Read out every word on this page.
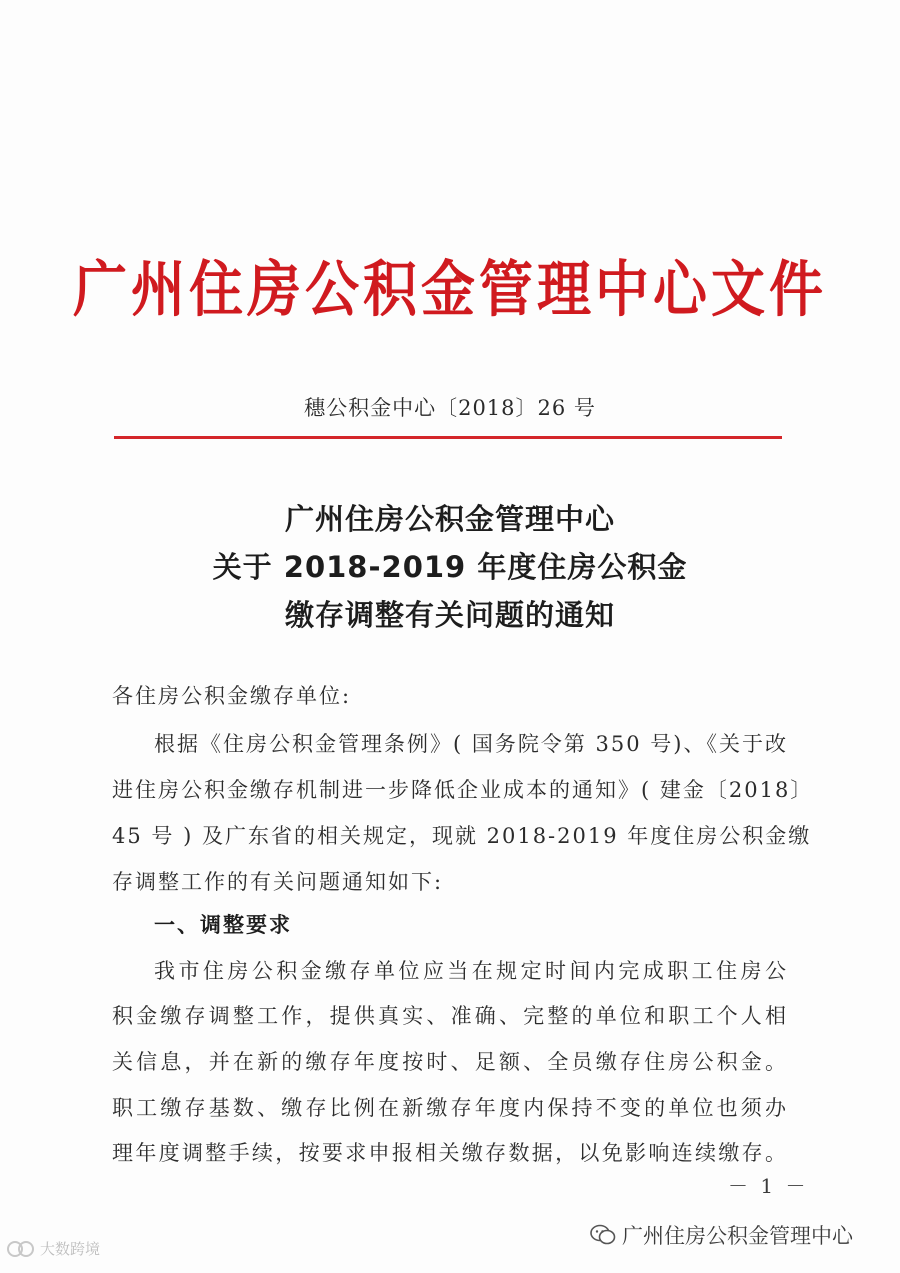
广州住房公积金管理中心文件
穗公积金中心〔2018〕26 号
广州住房公积金管理中心
关于 2018-2019 年度住房公积金
缴存调整有关问题的通知
各住房公积金缴存单位:
根据《住房公积金管理条例》( 国务院令第 350 号)、《关于改
进住房公积金缴存机制进一步降低企业成本的通知》( 建金〔2018〕
45 号 ) 及广东省的相关规定，现就 2018-2019 年度住房公积金缴
存调整工作的有关问题通知如下:
一、调整要求
我市住房公积金缴存单位应当在规定时间内完成职工住房公
积金缴存调整工作，提供真实、准确、完整的单位和职工个人相
关信息，并在新的缴存年度按时、足额、全员缴存住房公积金。
职工缴存基数、缴存比例在新缴存年度内保持不变的单位也须办
理年度调整手续，按要求申报相关缴存数据，以免影响连续缴存。
－ 1 －
广州住房公积金管理中心
大数跨境
